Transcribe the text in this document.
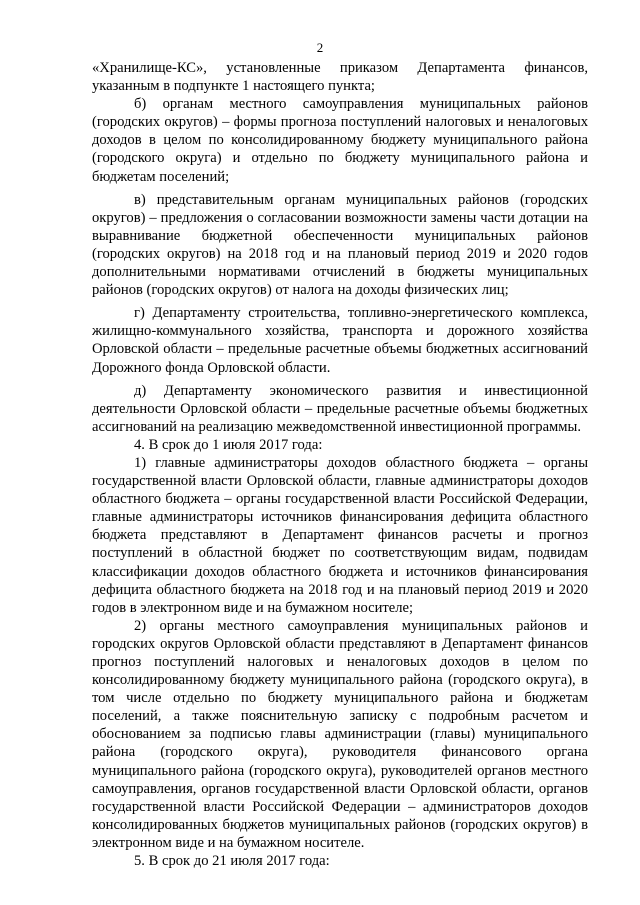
2

«Хранилище-КС», установленные приказом Департамента финансов, указанным в подпункте 1 настоящего пункта;

б) органам местного самоуправления муниципальных районов (городских округов) – формы прогноза поступлений налоговых и неналоговых доходов в целом по консолидированному бюджету муниципального района (городского округа) и отдельно по бюджету муниципального района и бюджетам поселений;

в) представительным органам муниципальных районов (городских округов) – предложения о согласовании возможности замены части дотации на выравнивание бюджетной обеспеченности муниципальных районов (городских округов) на 2018 год и на плановый период 2019 и 2020 годов дополнительными нормативами отчислений в бюджеты муниципальных районов (городских округов) от налога на доходы физических лиц;

г) Департаменту строительства, топливно-энергетического комплекса, жилищно-коммунального хозяйства, транспорта и дорожного хозяйства Орловской области – предельные расчетные объемы бюджетных ассигнований Дорожного фонда Орловской области.

д) Департаменту экономического развития и инвестиционной деятельности Орловской области – предельные расчетные объемы бюджетных ассигнований на реализацию межведомственной инвестиционной программы.

4. В срок до 1 июля 2017 года:

1) главные администраторы доходов областного бюджета – органы государственной власти Орловской области, главные администраторы доходов областного бюджета – органы государственной власти Российской Федерации, главные администраторы источников финансирования дефицита областного бюджета представляют в Департамент финансов расчеты и прогноз поступлений в областной бюджет по соответствующим видам, подвидам классификации доходов областного бюджета и источников финансирования дефицита областного бюджета на 2018 год и на плановый период 2019 и 2020 годов в электронном виде и на бумажном носителе;

2) органы местного самоуправления муниципальных районов и городских округов Орловской области представляют в Департамент финансов прогноз поступлений налоговых и неналоговых доходов в целом по консолидированному бюджету муниципального района (городского округа), в том числе отдельно по бюджету муниципального района и бюджетам поселений, а также пояснительную записку с подробным расчетом и обоснованием за подписью главы администрации (главы) муниципального района (городского округа), руководителя финансового органа муниципального района (городского округа), руководителей органов местного самоуправления, органов государственной власти Орловской области, органов государственной власти Российской Федерации – администраторов доходов консолидированных бюджетов муниципальных районов (городских округов) в электронном виде и на бумажном носителе.

5. В срок до 21 июля 2017 года:
